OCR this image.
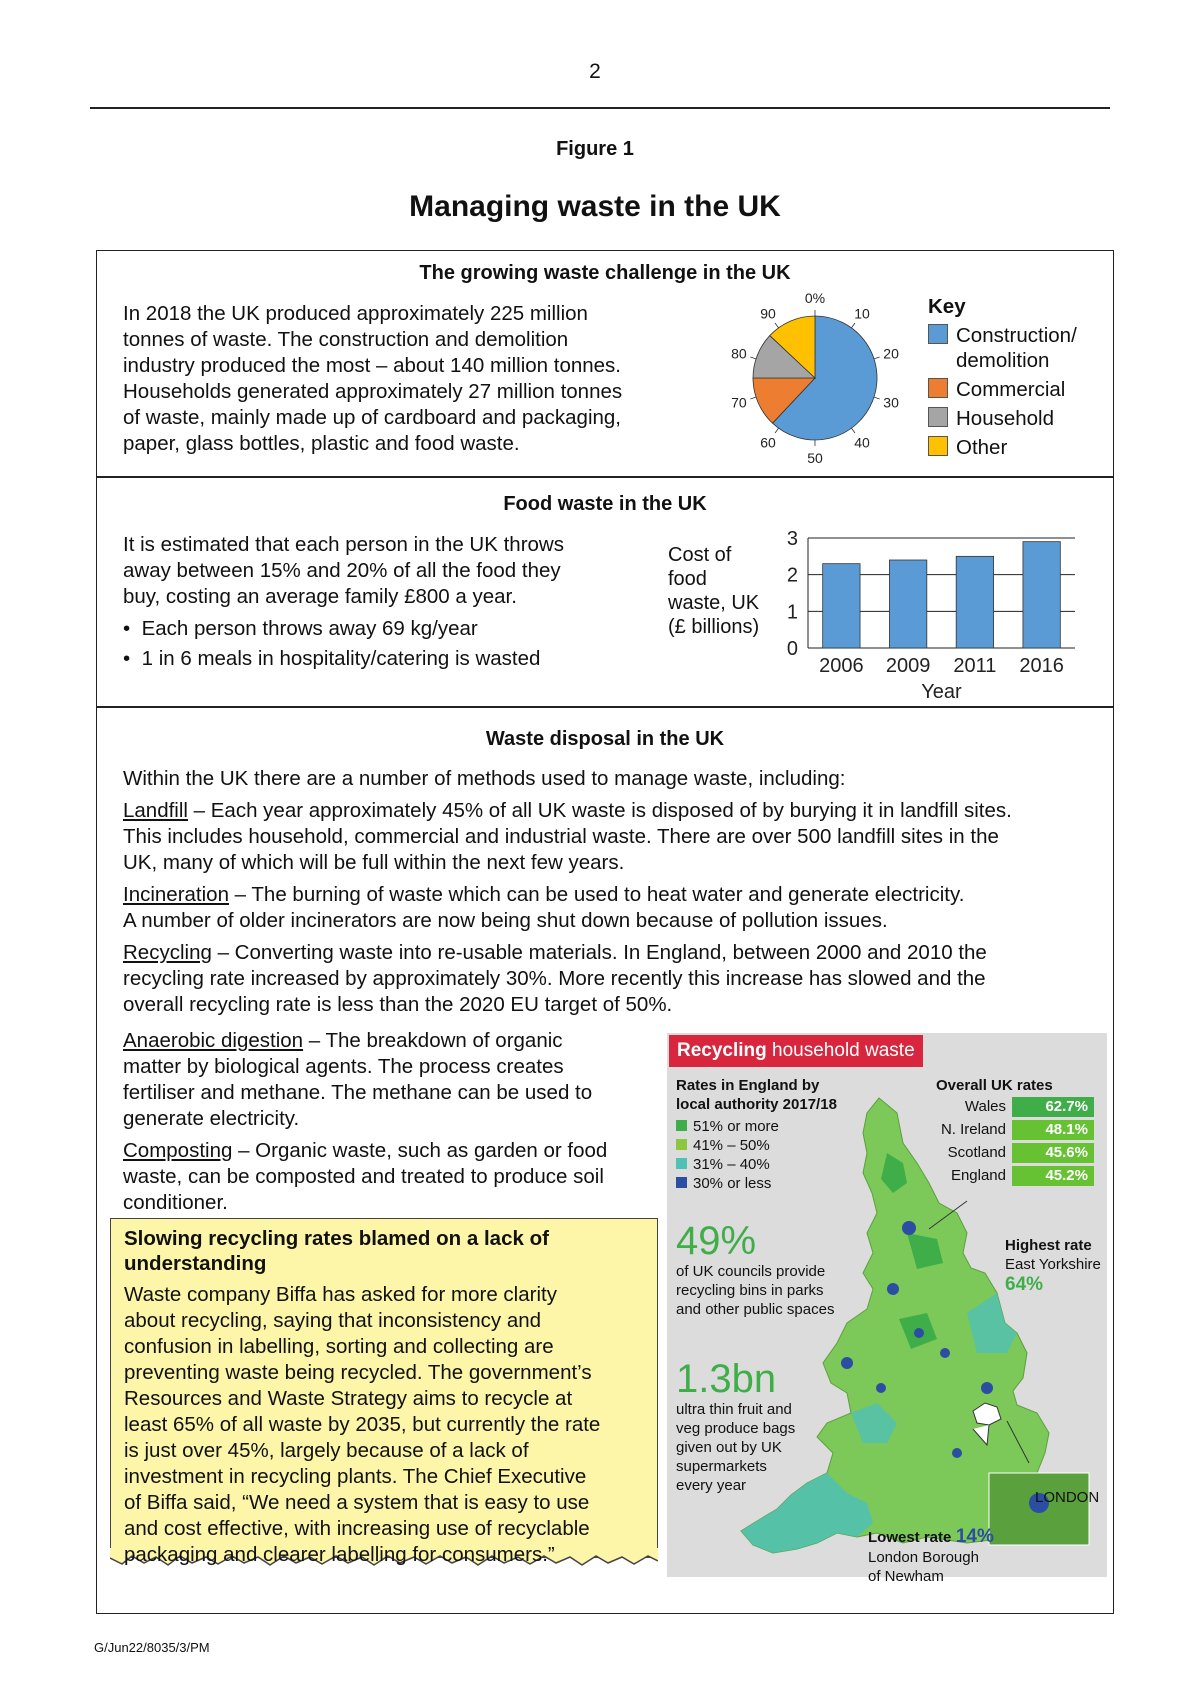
2
Figure 1
Managing waste in the UK
The growing waste challenge in the UK
In 2018 the UK produced approximately 225 million
tonnes of waste. The construction and demolition
industry produced the most – about 140 million tonnes.
Households generated approximately 27 million tonnes
of waste, mainly made up of cardboard and packaging,
paper, glass bottles, plastic and food waste.
0%
10
20
30
40
50
60
70
80
90	Key
Construction/
demolition
Commercial
Household
Other
Food waste in the UK
It is estimated that each person in the UK throws
away between 15% and 20% of all the food they
buy, costing an average family £800 a year.
• Each person throws away 69 kg/year
• 1 in 6 meals in hospitality/catering is wasted
Cost of
food
waste, UK
(£ billions)
0
1
2
3
2006 2009 2011 2016
Year
Waste disposal in the UK
Within the UK there are a number of methods used to manage waste, including:
Landfill – Each year approximately 45% of all UK waste is disposed of by burying it in landfill sites.
This includes household, commercial and industrial waste. There are over 500 landfill sites in the
UK, many of which will be full within the next few years.
Incineration – The burning of waste which can be used to heat water and generate electricity.
A number of older incinerators are now being shut down because of pollution issues.
Recycling – Converting waste into re-usable materials. In England, between 2000 and 2010 the
recycling rate increased by approximately 30%. More recently this increase has slowed and the
overall recycling rate is less than the 2020 EU target of 50%.
Anaerobic digestion – The breakdown of organic
matter by biological agents. The process creates
fertiliser and methane. The methane can be used to
generate electricity.
Composting – Organic waste, such as garden or food
waste, can be composted and treated to produce soil
conditioner.
Slowing recycling rates blamed on a lack of
understanding
Waste company Biffa has asked for more clarity
about recycling, saying that inconsistency and
confusion in labelling, sorting and collecting are
preventing waste being recycled. The government’s
Resources and Waste Strategy aims to recycle at
least 65% of all waste by 2035, but currently the rate
is just over 45%, largely because of a lack of
investment in recycling plants. The Chief Executive
of Biffa said, “We need a system that is easy to use
and cost effective, with increasing use of recyclable
packaging and clearer labelling for consumers.”
Recycling household waste
Rates in England by
local authority 2017/18
51% or more
41% – 50%
31% – 40%
30% or less
Overall UK rates
Wales	62.7%
N. Ireland	48.1%
Scotland	45.6%
England	45.2%
49%
of UK councils provide
recycling bins in parks
and other public spaces
1.3bn
ultra thin fruit and
veg produce bags
given out by UK
supermarkets
every year
Highest rate
East Yorkshire
64%
LONDON
Lowest rate 14%
London Borough
of Newham
G/Jun22/8035/3/PM
